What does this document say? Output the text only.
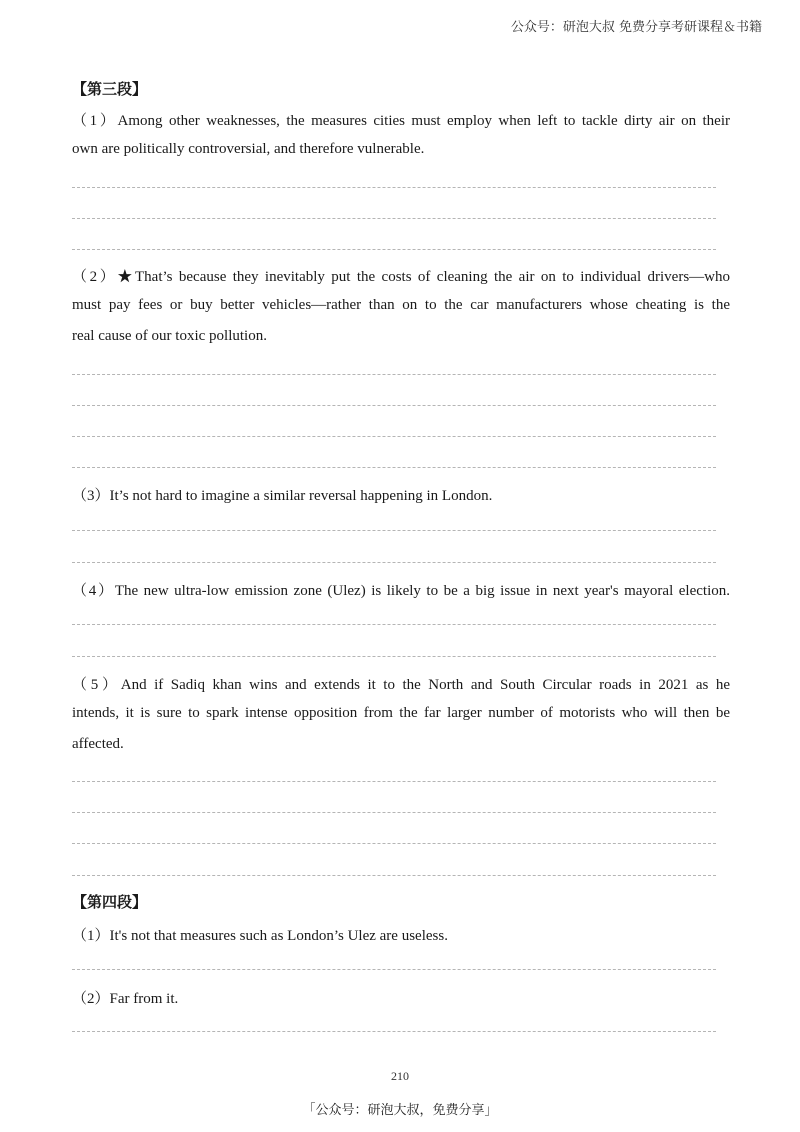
公众号：研泡大叔 免费分享考研课程＆书籍
【第三段】
（1）Among other weaknesses, the measures cities must employ when left to tackle dirty air on their
own are politically controversial, and therefore vulnerable.
（2）★That’s because they inevitably put the costs of cleaning the air on to individual drivers—who
must pay fees or buy better vehicles—rather than on to the car manufacturers whose cheating is the
real cause of our toxic pollution.
（3）It’s not hard to imagine a similar reversal happening in London.
（4）The new ultra-low emission zone (Ulez) is likely to be a big issue in next year's mayoral election.
（5）And if Sadiq khan wins and extends it to the North and South Circular roads in 2021 as he
intends, it is sure to spark intense opposition from the far larger number of motorists who will then be
affected.
【第四段】
（1）It's not that measures such as London’s Ulez are useless.
（2）Far from it.
210
「公众号：研泡大叔，免费分享」
